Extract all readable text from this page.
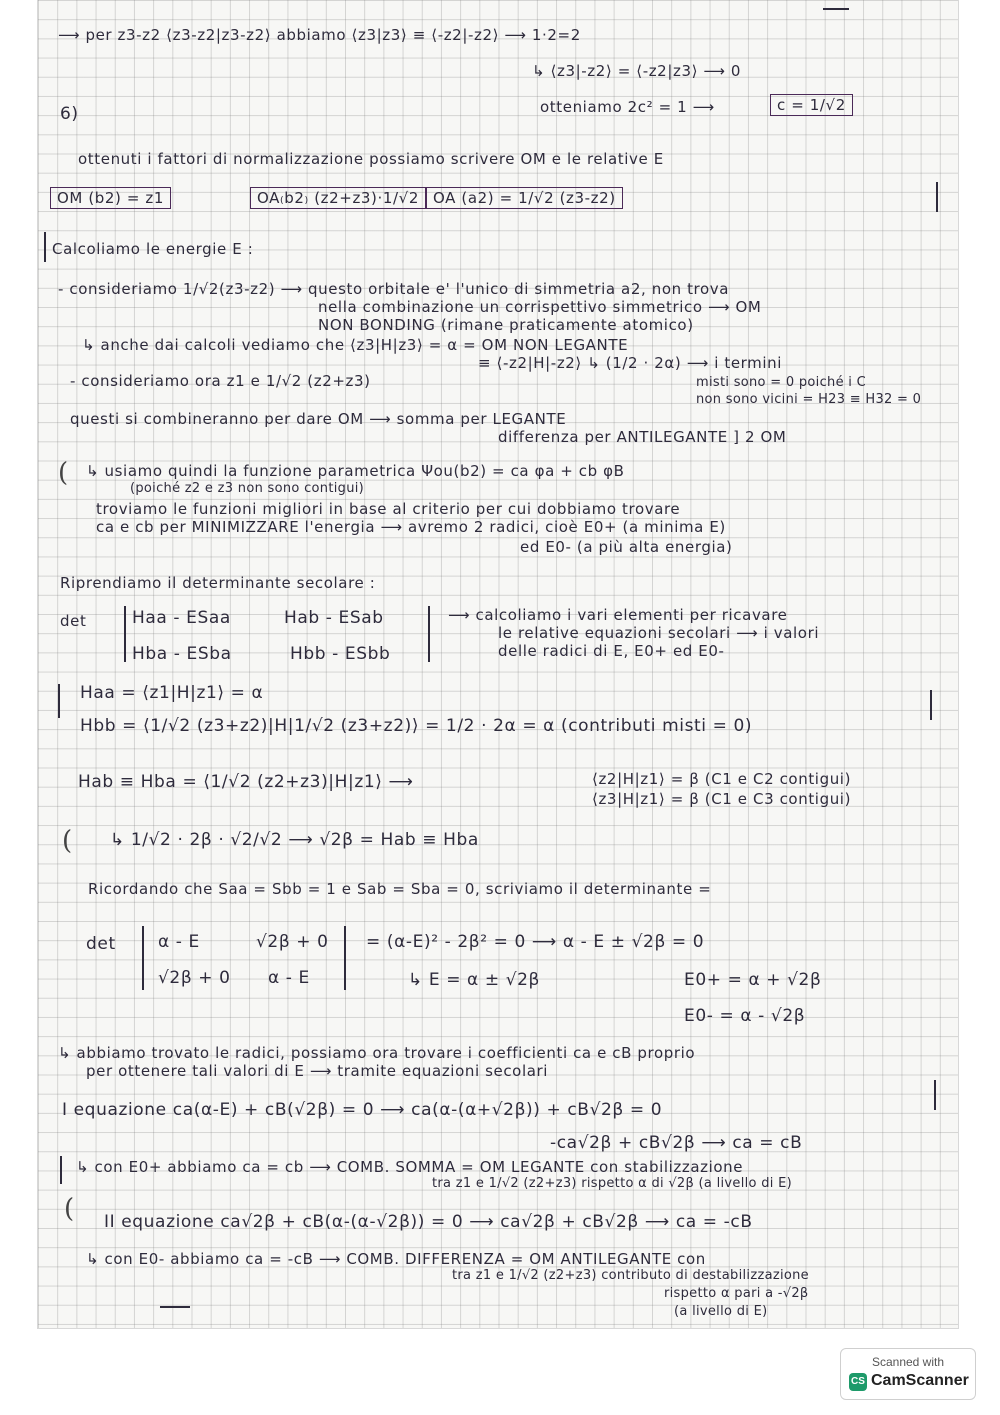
⟶ per z3-z2 ⟨z3-z2|z3-z2⟩ abbiamo ⟨z3|z3⟩ ≡ ⟨-z2|-z2⟩ ⟶ 1·2=2
↳ ⟨z3|-z2⟩ = ⟨-z2|z3⟩ ⟶ 0
6)	otteniamo 2c² = 1 ⟶	c = 1/√2
ottenuti i fattori di normalizzazione possiamo scrivere OM e le relative E
OM (b2) = z1	OA₍b2₎ (z2+z3)·1/√2 OA (a2) = 1/√2 (z3-z2)
Calcoliamo le energie E :
- consideriamo 1/√2(z3-z2) ⟶ questo orbitale e' l'unico di simmetria a2, non trova
nella combinazione un corrispettivo simmetrico ⟶ OM
NON BONDING (rimane praticamente atomico)
↳ anche dai calcoli vediamo che ⟨z3|H|z3⟩ = α = OM NON LEGANTE
≡ ⟨-z2|H|-z2⟩ ↳ (1/2 · 2α) ⟶ i termini
- consideriamo ora z1 e 1/√2 (z2+z3)	misti sono = 0 poiché i C
non sono vicini = H23 ≡ H32 = 0
questi si combineranno per dare OM ⟶ somma per LEGANTE
differenza per ANTILEGANTE ] 2 OM
( ↳ usiamo quindi la funzione parametrica Ψou(b2) = ca φa + cb φB
(poiché z2 e z3 non sono contigui)
troviamo le funzioni migliori in base al criterio per cui dobbiamo trovare
ca e cb per MINIMIZZARE l'energia ⟶ avremo 2 radici, cioè E0+ (a minima E)
ed E0- (a più alta energia)
Riprendiamo il determinante secolare :
det	Haa - ESaa	Hab - ESab
Hba - ESba	Hbb - ESbb
⟶ calcoliamo i vari elementi per ricavare
le relative equazioni secolari ⟶ i valori
delle radici di E, E0+ ed E0-
Haa = ⟨z1|H|z1⟩ = α
Hbb = ⟨1/√2 (z3+z2)|H|1/√2 (z3+z2)⟩ = 1/2 · 2α = α (contributi misti = 0)
Hab ≡ Hba = ⟨1/√2 (z2+z3)|H|z1⟩ ⟶	⟨z2|H|z1⟩ = β (C1 e C2 contigui)
⟨z3|H|z1⟩ = β (C1 e C3 contigui)
( ↳ 1/√2 · 2β · √2/√2 ⟶ √2β = Hab ≡ Hba
Ricordando che Saa = Sbb = 1 e Sab = Sba = 0, scriviamo il determinante =
det α - E	√2β + 0
√2β + 0 α - E
= (α-E)² - 2β² = 0 ⟶ α - E ± √2β = 0
↳ E = α ± √2β	E0+ = α + √2β
E0- = α - √2β
↳ abbiamo trovato le radici, possiamo ora trovare i coefficienti ca e cB proprio
per ottenere tali valori di E ⟶ tramite equazioni secolari
I equazione ca(α-E) + cB(√2β) = 0 ⟶ ca(α-(α+√2β)) + cB√2β = 0
-ca√2β + cB√2β ⟶ ca = cB
↳ con E0+ abbiamo ca = cb ⟶ COMB. SOMMA = OM LEGANTE con stabilizzazione
tra z1 e 1/√2 (z2+z3) rispetto α di √2β (a livello di E)
( II equazione ca√2β + cB(α-(α-√2β)) = 0 ⟶ ca√2β + cB√2β ⟶ ca = -cB
↳ con E0- abbiamo ca = -cB ⟶ COMB. DIFFERENZA = OM ANTILEGANTE con
tra z1 e 1/√2 (z2+z3) contributo di destabilizzazione
rispetto α pari a -√2β
(a livello di E)
Scanned with
CS CamScanner
